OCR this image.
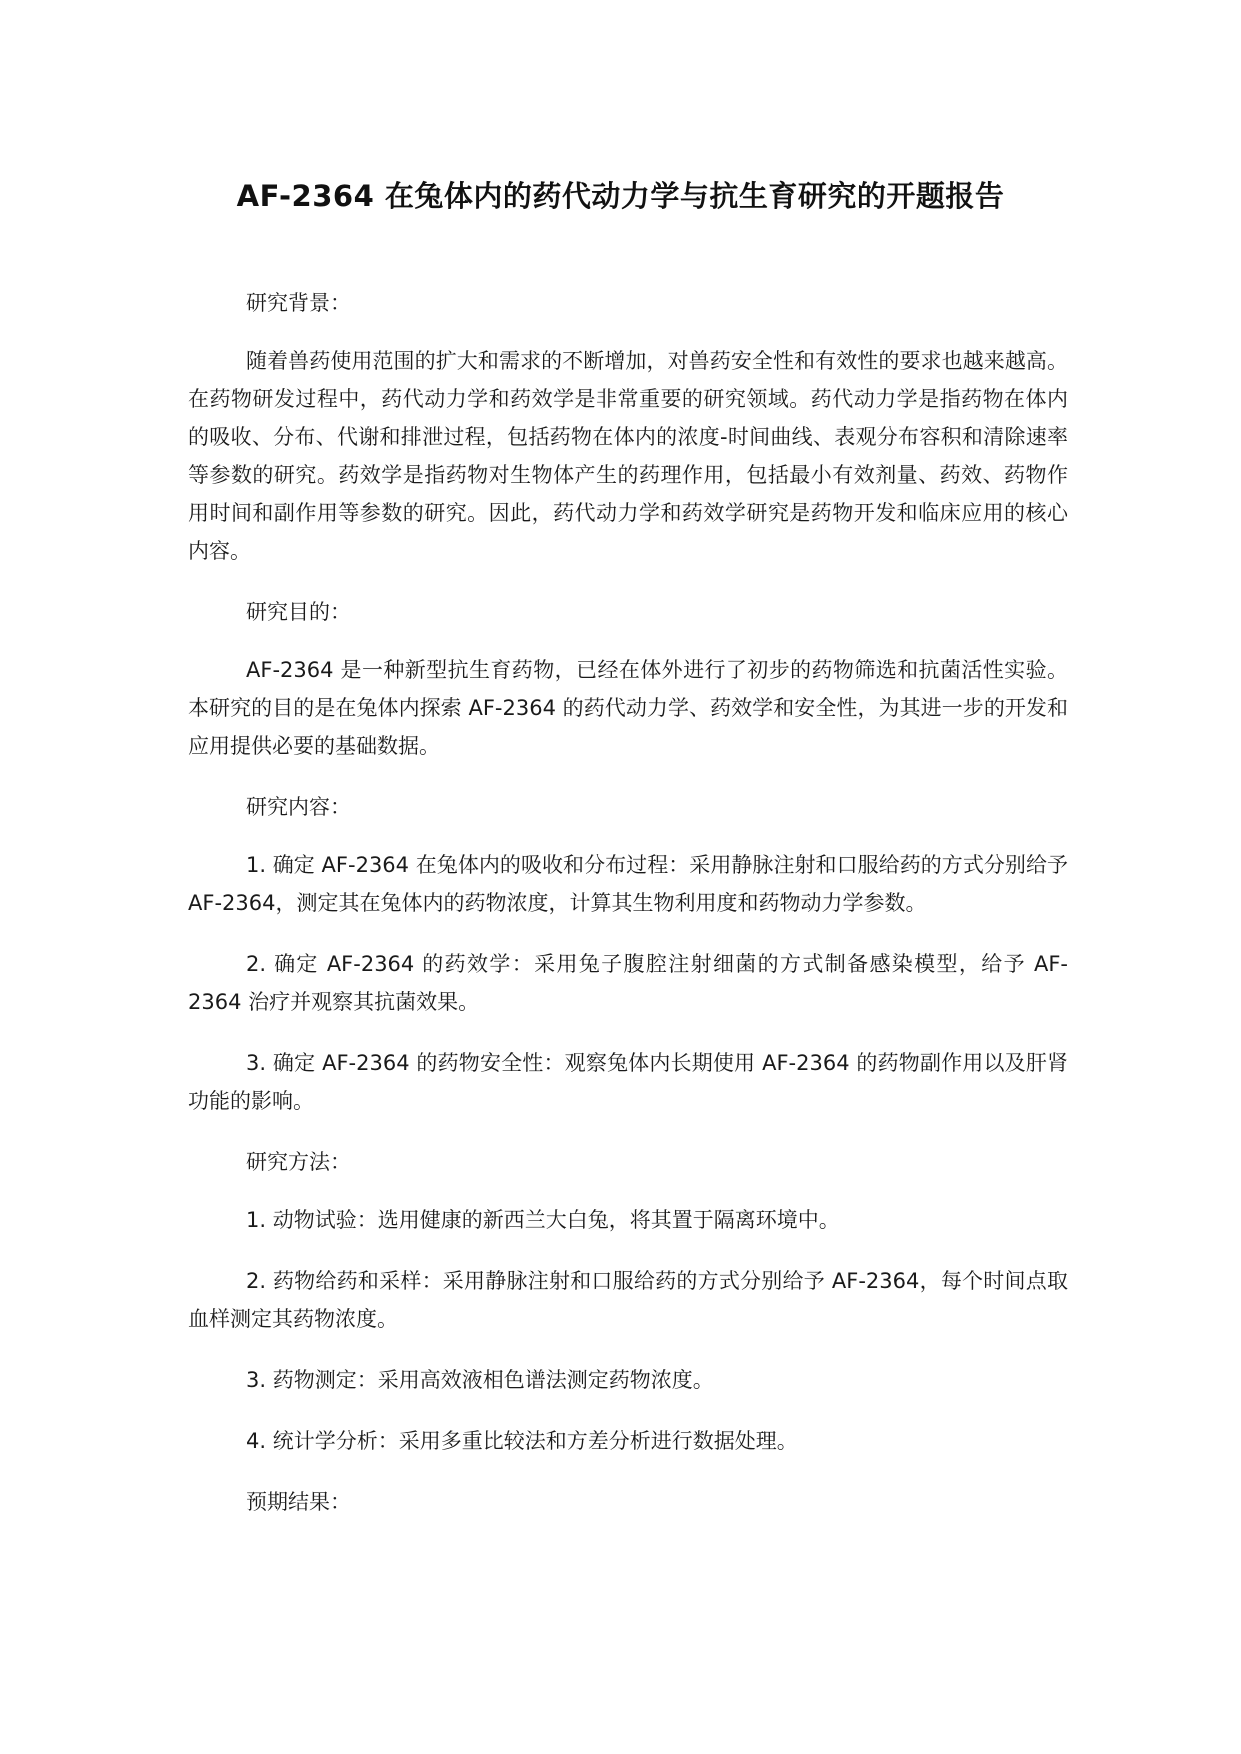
AF-2364 在兔体内的药代动力学与抗生育研究的开题报告

研究背景：

随着兽药使用范围的扩大和需求的不断增加，对兽药安全性和有效性的要求也越来越高。在药物研发过程中，药代动力学和药效学是非常重要的研究领域。药代动力学是指药物在体内的吸收、分布、代谢和排泄过程，包括药物在体内的浓度-时间曲线、表观分布容积和清除速率等参数的研究。药效学是指药物对生物体产生的药理作用，包括最小有效剂量、药效、药物作用时间和副作用等参数的研究。因此，药代动力学和药效学研究是药物开发和临床应用的核心内容。

研究目的：

AF-2364 是一种新型抗生育药物，已经在体外进行了初步的药物筛选和抗菌活性实验。本研究的目的是在兔体内探索 AF-2364 的药代动力学、药效学和安全性，为其进一步的开发和应用提供必要的基础数据。

研究内容：

1. 确定 AF-2364 在兔体内的吸收和分布过程：采用静脉注射和口服给药的方式分别给予 AF-2364，测定其在兔体内的药物浓度，计算其生物利用度和药物动力学参数。

2. 确定 AF-2364 的药效学：采用兔子腹腔注射细菌的方式制备感染模型，给予 AF-2364 治疗并观察其抗菌效果。

3. 确定 AF-2364 的药物安全性：观察兔体内长期使用 AF-2364 的药物副作用以及肝肾功能的影响。

研究方法：

1. 动物试验：选用健康的新西兰大白兔，将其置于隔离环境中。

2. 药物给药和采样：采用静脉注射和口服给药的方式分别给予 AF-2364，每个时间点取血样测定其药物浓度。

3. 药物测定：采用高效液相色谱法测定药物浓度。

4. 统计学分析：采用多重比较法和方差分析进行数据处理。

预期结果：
